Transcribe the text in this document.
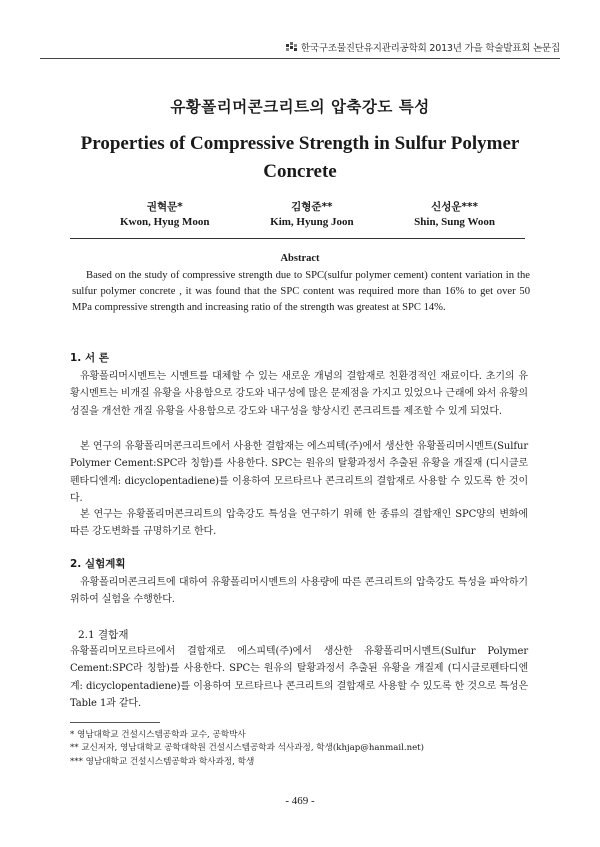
한국구조물진단유지관리공학회 2013년 가을 학술발표회 논문집
유황폴리머콘크리트의 압축강도 특성
Properties of Compressive Strength in Sulfur Polymer Concrete
권혁문*
Kwon, Hyug Moon
김형준**
Kim, Hyung Joon
신성운***
Shin, Sung Woon
Abstract
Based on the study of compressive strength due to SPC(sulfur polymer cement) content variation in the sulfur polymer concrete , it was found that the SPC content was required more than 16% to get over 50 MPa compressive strength and increasing ratio of the strength was greatest at SPC 14%.
1. 서 론
유황폴리머시멘트는 시멘트를 대체할 수 있는 새로운 개념의 결합재로 친환경적인 재료이다. 초기의 유황시멘트는 비개질 유황을 사용함으로 강도와 내구성에 많은 문제점을 가지고 있었으나 근래에 와서 유황의 성질을 개선한 개질 유황을 사용함으로 강도와 내구성을 향상시킨 콘크리트를 제조할 수 있게 되었다.
본 연구의 유황폴리머콘크리트에서 사용한 결합재는 에스피텍(주)에서 생산한 유황폴리머시멘트(Sulfur Polymer Cement:SPC라 칭함)를 사용한다. SPC는 원유의 탈황과정서 추출된 유황을 개질재 (디시클로펜타디엔계: dicyclopentadiene)를 이용하여 모르타르나 콘크리트의 결합재로 사용할 수 있도록 한 것이다.
본 연구는 유황폴리머콘크리트의 압축강도 특성을 연구하기 위해 한 종류의 결합재인 SPC양의 변화에 따른 강도변화를 규명하기로 한다.
2. 실험계획
유황폴리머콘크리트에 대하여 유황폴리머시멘트의 사용량에 따른 콘크리트의 압축강도 특성을 파악하기 위하여 실험을 수행한다.
2.1 결합재
유황폴리머모르타르에서 결합재로 에스피텍(주)에서 생산한 유황폴리머시멘트(Sulfur Polymer Cement:SPC라 칭함)를 사용한다. SPC는 원유의 탈황과정서 추출된 유황을 개질제 (디시클로펜타디엔계: dicyclopentadiene)를 이용하여 모르타르나 콘크리트의 결합재로 사용할 수 있도록 한 것으로 특성은 Table 1과 같다.
* 영남대학교 건설시스템공학과 교수, 공학박사
** 교신저자, 영남대학교 공학대학원 건설시스템공학과 석사과정, 학생(khjap@hanmail.net)
*** 영남대학교 건설시스템공학과 학사과정, 학생
- 469 -
